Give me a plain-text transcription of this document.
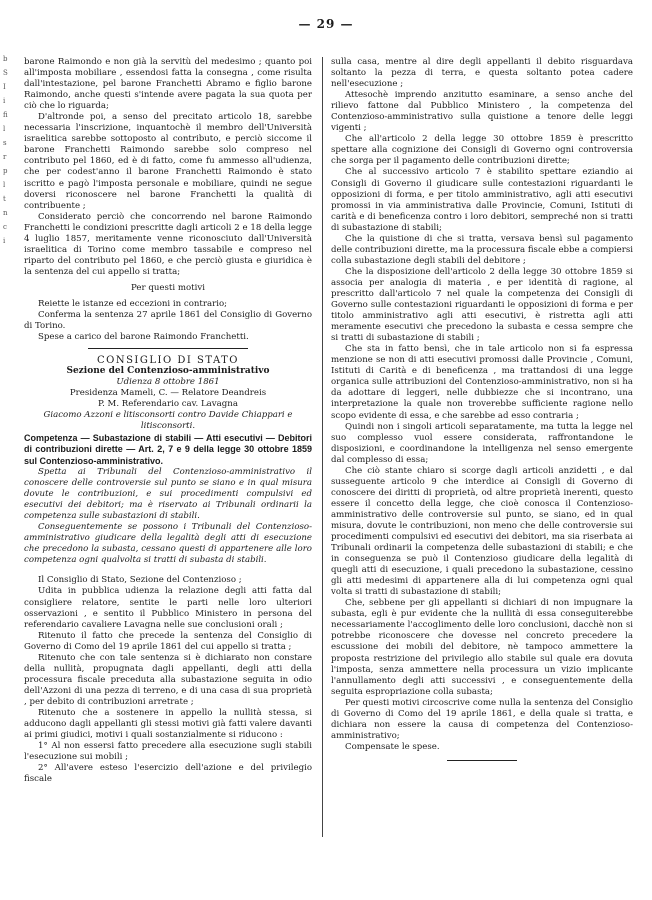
— 29 —
b
S
I
i
fi
l
s
r
p
l
t
n
c
i

barone Raimondo e non già la servitù del medesimo ; quanto poi all'imposta mobiliare , essendosi fatta la consegna , come risulta dall'intestazione, pel barone Franchetti Abramo e figlio barone Raimondo, anche questi s'intende avere pagata la sua quota per ciò che lo riguarda;

D'altronde poi, a senso del precitato articolo 18, sarebbe necessaria l'inscrizione, inquantochè il membro dell'Università israelitica sarebbe sottoposto al contributo, e perciò siccome il barone Franchetti Raimondo sarebbe solo compreso nel contributo pel 1860, ed è di fatto, come fu ammesso all'udienza, che per codest'anno il barone Franchetti Raimondo è stato iscritto e pagò l'imposta personale e mobiliare, quindi ne segue doversi riconoscere nel barone Franchetti la qualità di contribuente ;

Considerato perciò che concorrendo nel barone Raimondo Franchetti le condizioni prescritte dagli articoli 2 e 18 della legge 4 luglio 1857, meritamente venne riconosciuto dall'Università israelitica di Torino come membro tassabile e compreso nel riparto del contributo pel 1860, e che perciò giusta e giuridica è la sentenza del cui appello si tratta;

Per questi motivi

Reiette le istanze ed eccezioni in contrario;

Conferma la sentenza 27 aprile 1861 del Consiglio di Governo di Torino.

Spese a carico del barone Raimondo Franchetti.

CONSIGLIO DI STATO

Sezione del Contenzioso-amministrativo

Udienza 8 ottobre 1861

Presidenza Mameli, C. — Relatore Deandreis

P. M. Referendario cav. Lavagna

Giacomo Azzoni e litisconsorti contro Davide Chiappari e litisconsorti.

Competenza — Subastazione di stabili — Atti esecutivi — Debitori di contribuzioni dirette — Art. 2, 7 e 9 della legge 30 ottobre 1859 sul Contenzioso-amministrativo.

Spetta ai Tribunali del Contenzioso-amministrativo il conoscere delle controversie sul punto se siano e in qual misura dovute le contribuzioni, e sui procedimenti compulsivi ed esecutivi dei debitori; ma è riservato ai Tribunali ordinarii la competenza sulle subastazioni di stabili.

Conseguentemente se possono i Tribunali del Contenzioso-amministrativo giudicare della legalità degli atti di esecuzione che precedono la subasta, cessano questi di appartenere alle loro competenza ogni qualvolta si tratti di subasta di stabili.

Il Consiglio di Stato, Sezione del Contenzioso ;

Udita in pubblica udienza la relazione degli atti fatta dal consigliere relatore, sentite le parti nelle loro ulteriori osservazioni , e sentito il Pubblico Ministero in persona del referendario cavaliere Lavagna nelle sue conclusioni orali ;

Ritenuto il fatto che precede la sentenza del Consiglio di Governo di Como del 19 aprile 1861 del cui appello si tratta ;

Ritenuto che con tale sentenza si è dichiarato non constare della nullità, propugnata dagli appellanti, degli atti della processura fiscale preceduta alla subastazione seguita in odio dell'Azzoni di una pezza di terreno, e di una casa di sua proprietà , per debito di contribuzioni arretrate ;

Ritenuto che a sostenere in appello la nullità stessa, si adducono dagli appellanti gli stessi motivi già fatti valere davanti ai primi giudici, motivi i quali sostanzialmente si riducono :

1° Al non essersi fatto precedere alla esecuzione sugli stabili l'esecuzione sui mobili ;

2° All'avere esteso l'esercizio dell'azione e del privilegio fiscale

sulla casa, mentre al dire degli appellanti il debito risguardava soltanto la pezza di terra, e questa soltanto potea cadere nell'esecuzione ;

Attesochè imprendo anzitutto esaminare, a senso anche del rilievo fattone dal Pubblico Ministero , la competenza del Contenzioso-amministrativo sulla quistione a tenore delle leggi vigenti ;

Che all'articolo 2 della legge 30 ottobre 1859 è prescritto spettare alla cognizione dei Consigli di Governo ogni controversia che sorga per il pagamento delle contribuzioni dirette;

Che al successivo articolo 7 è stabilito spettare eziandio ai Consigli di Governo il giudicare sulle contestazioni riguardanti le opposizioni di forma, e per titolo amministrativo, agli atti esecutivi promossi in via amministrativa dalle Provincie, Comuni, Istituti di carità e di beneficenza contro i loro debitori, sempreché non si tratti di subastazione di stabili;

Che la quistione di che si tratta, versava bensì sul pagamento delle contribuzioni dirette, ma la processura fiscale ebbe a compiersi colla subastazione degli stabili del debitore ;

Che la disposizione dell'articolo 2 della legge 30 ottobre 1859 si associa per analogia di materia , e per identità di ragione, al prescritto dall'articolo 7 nel quale la competenza dei Consigli di Governo sulle contestazioni riguardanti le opposizioni di forma e per titolo amministrativo agli atti esecutivi, è ristretta agli atti meramente esecutivi che precedono la subasta e cessa sempre che si tratti di subastazione di stabili ;

Che sta in fatto bensì, che in tale articolo non si fa espressa menzione se non di atti esecutivi promossi dalle Provincie , Comuni, Istituti di Carità e di beneficenza , ma trattandosi di una legge organica sulle attribuzioni del Contenzioso-amministrativo, non si ha da adottare di leggeri, nelle dubbiezze che si incontrano, una interpretazione la quale non troverebbe sufficiente ragione nello scopo evidente di essa, e che sarebbe ad esso contraria ;

Quindi non i singoli articoli separatamente, ma tutta la legge nel suo complesso vuol essere considerata, raffrontandone le disposizioni, e coordinandone la intelligenza nel senso emergente dal complesso di essa;

Che ciò stante chiaro si scorge dagli articoli anzidetti , e dal susseguente articolo 9 che interdice ai Consigli di Governo di conoscere dei diritti di proprietà, od altre proprietà inerenti, questo essere il concetto della legge, che cioè conosca il Contenzioso-amministrativo delle controversie sul punto, se siano, ed in qual misura, dovute le contribuzioni, non meno che delle controversie sui procedimenti compulsivi ed esecutivi dei debitori, ma sia riserbata ai Tribunali ordinarii la competenza delle subastazioni di stabili; e che in conseguenza se può il Contenzioso giudicare della legalità di quegli atti di esecuzione, i quali precedono la subastazione, cessino gli atti medesimi di appartenere alla di lui competenza ogni qual volta si tratti di subastazione di stabili;

Che, sebbene per gli appellanti si dichiari di non impugnare la subasta, egli è pur evidente che la nullità di essa conseguiterebbe necessariamente l'accoglimento delle loro conclusioni, dacchè non si potrebbe riconoscere che dovesse nel concreto precedere la escussione dei mobili del debitore, nè tampoco ammettere la proposta restrizione del privilegio allo stabile sul quale era dovuta l'imposta, senza ammettere nella processura un vizio implicante l'annullamento degli atti successivi , e conseguentemente della seguita espropriazione colla subasta;

Per questi motivi circoscrive come nulla la sentenza del Consiglio di Governo di Como del 19 aprile 1861, e della quale si tratta, e dichiara non essere la causa di competenza del Contenzioso-amministrativo;

Compensate le spese.
